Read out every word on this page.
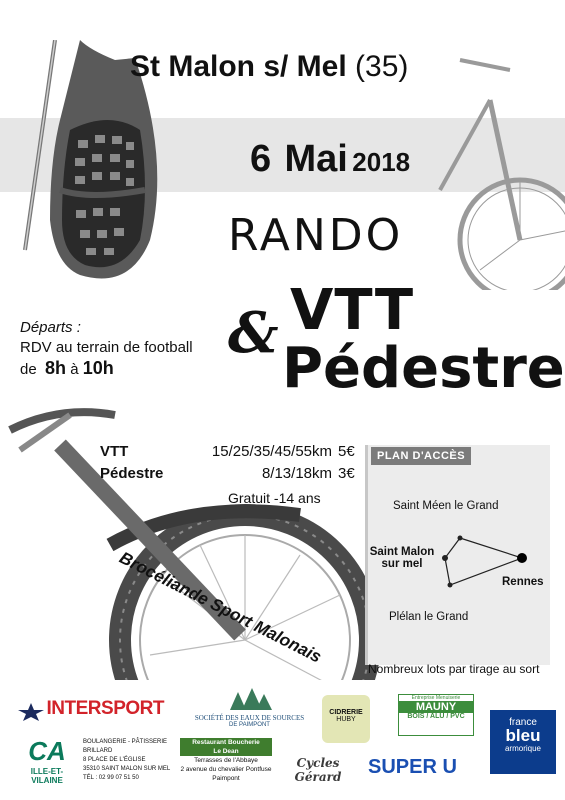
St Malon s/ Mel (35)
6 Mai 2018
RANDO
& VTT
Pédestre
Départs :
RDV au terrain de football
de 8h à 10h
VTT	15/25/35/45/55km 5€
Pédestre	8/13/18km 3€
Gratuit -14 ans
Brocéliande Sport Malonais
PLAN D'ACCÈS
Saint Méen le Grand
Saint Malon
sur mel
Rennes
Plélan le Grand
Nombreux lots par tirage au sort
INTERSPORT	SOCIÉTÉ DES EAUX DE SOURCES
DE PAIMPONT
CIDRERIE
HUBY
Entreprise Menuiserie
MAUNY
BOIS / ALU / PVC
france
bleu
armorique
CA
ILLE-ET-VILAINE
BOULANGERIE - PÂTISSERIE BRILLARD
8 PLACE DE L'ÉGLISE
35310 SAINT MALON SUR MEL
TÉL : 02 99 07 51 50
Restaurant Boucherie
Le Dean
Terrasses de l'Abbaye
2 avenue du chevalier Pontfuse
Paimpont
Cycles Gérard	SUPER U
